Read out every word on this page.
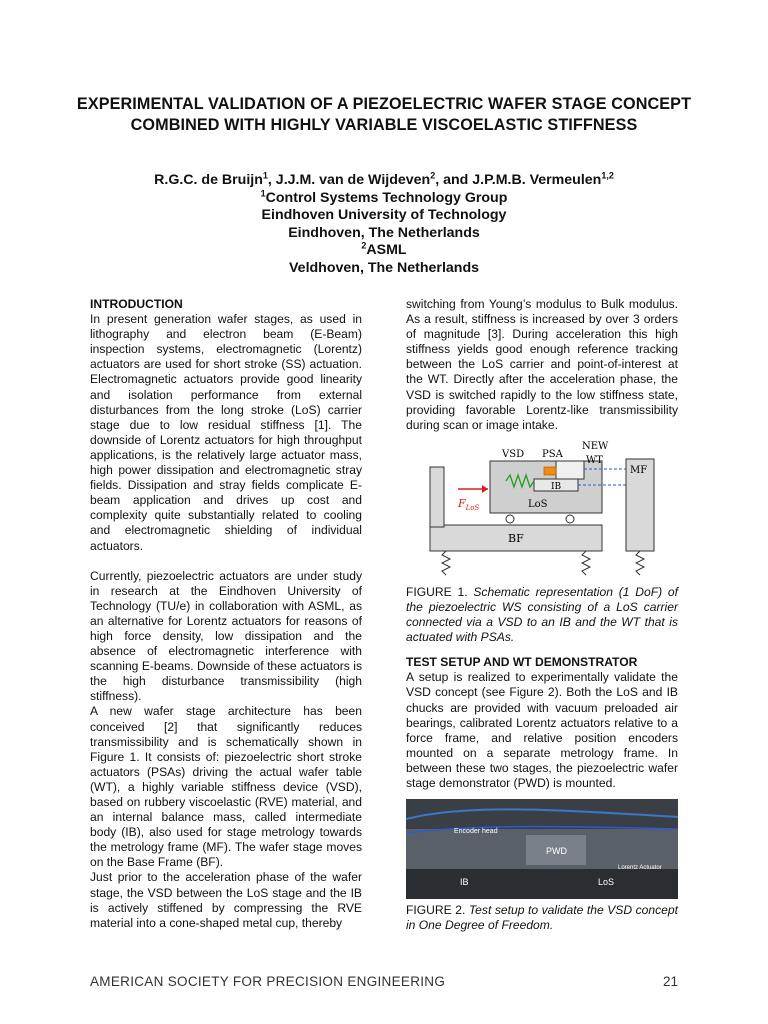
EXPERIMENTAL VALIDATION OF A PIEZOELECTRIC WAFER STAGE CONCEPT COMBINED WITH HIGHLY VARIABLE VISCOELASTIC STIFFNESS
R.G.C. de Bruijn$^1$, J.J.M. van de Wijdeven$^2$, and J.P.M.B. Vermeulen$^{1,2}$
$^1$Control Systems Technology Group
Eindhoven University of Technology
Eindhoven, The Netherlands
$^2$ASML
Veldhoven, The Netherlands
INTRODUCTION

In present generation wafer stages, as used in lithography and electron beam (E-Beam) inspection systems, electromagnetic (Lorentz) actuators are used for short stroke (SS) actuation. Electromagnetic actuators provide good linearity and isolation performance from external disturbances from the long stroke (LoS) carrier stage due to low residual stiffness [1]. The downside of Lorentz actuators for high throughput applications, is the relatively large actuator mass, high power dissipation and electromagnetic stray fields. Dissipation and stray fields complicate E-beam application and drives up cost and complexity quite substantially related to cooling and electromagnetic shielding of individual actuators.

Currently, piezoelectric actuators are under study in research at the Eindhoven University of Technology (TU/e) in collaboration with ASML, as an alternative for Lorentz actuators for reasons of high force density, low dissipation and the absence of electromagnetic interference with scanning E-beams. Downside of these actuators is the high disturbance transmissibility (high stiffness).

A new wafer stage architecture has been conceived [2] that significantly reduces transmissibility and is schematically shown in Figure 1. It consists of: piezoelectric short stroke actuators (PSAs) driving the actual wafer table (WT), a highly variable stiffness device (VSD), based on rubbery viscoelastic (RVE) material, and an internal balance mass, called intermediate body (IB), also used for stage metrology towards the metrology frame (MF). The wafer stage moves on the Base Frame (BF).

Just prior to the acceleration phase of the wafer stage, the VSD between the LoS stage and the IB is actively stiffened by compressing the RVE material into a cone-shaped metal cup, thereby

switching from Young’s modulus to Bulk modulus. As a result, stiffness is increased by over 3 orders of magnitude [3]. During acceleration this high stiffness yields good enough reference tracking between the LoS carrier and point-of-interest at the WT. Directly after the acceleration phase, the VSD is switched rapidly to the low stiffness state, providing favorable Lorentz-like transmissibility during scan or image intake.

BF
LoS
IB
VSD PSA
NEW
WT
MF
$F_{LoS}$

FIGURE 1. Schematic representation (1 DoF) of the piezoelectric WS consisting of a LoS carrier connected via a VSD to an IB and the WT that is actuated with PSAs.

TEST SETUP AND WT DEMONSTRATOR

A setup is realized to experimentally validate the VSD concept (see Figure 2). Both the LoS and IB chucks are provided with vacuum preloaded air bearings, calibrated Lorentz actuators relative to a force frame, and relative position encoders mounted on a separate metrology frame. In between these two stages, the piezoelectric wafer stage demonstrator (PWD) is mounted.

Encoder head
PWD
Lorentz Actuator
IB	LoS

FIGURE 2. Test setup to validate the VSD concept in One Degree of Freedom.

AMERICAN SOCIETY FOR PRECISION ENGINEERING	21
